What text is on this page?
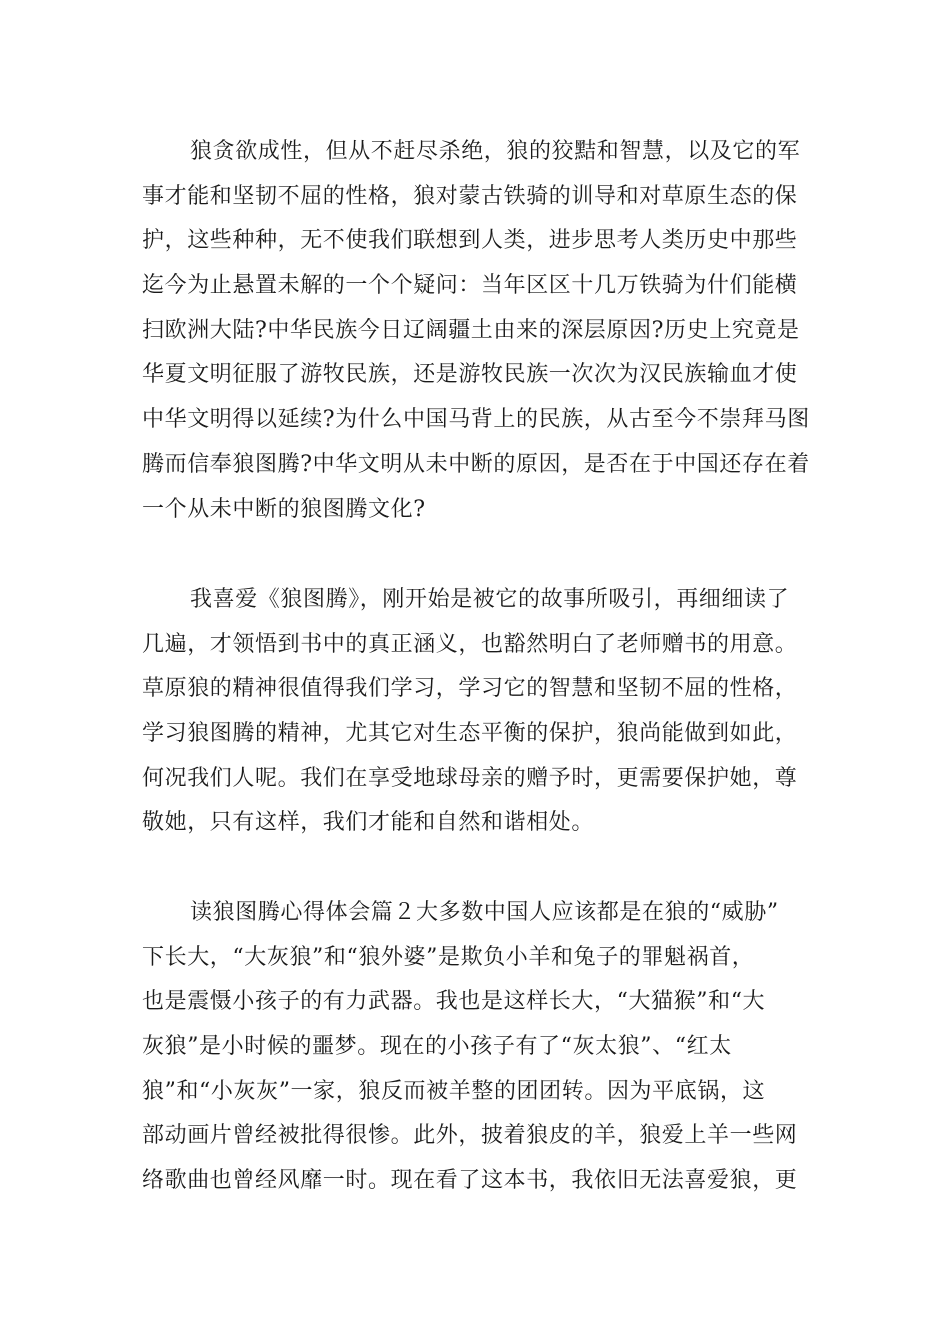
狼贪欲成性，但从不赶尽杀绝，狼的狡黠和智慧，以及它的军
事才能和坚韧不屈的性格，狼对蒙古铁骑的训导和对草原生态的保
护，这些种种，无不使我们联想到人类，进步思考人类历史中那些
迄今为止悬置未解的一个个疑问：当年区区十几万铁骑为什们能横
扫欧洲大陆?中华民族今日辽阔疆土由来的深层原因?历史上究竟是
华夏文明征服了游牧民族，还是游牧民族一次次为汉民族输血才使
中华文明得以延续?为什么中国马背上的民族，从古至今不崇拜马图
腾而信奉狼图腾?中华文明从未中断的原因，是否在于中国还存在着
一个从未中断的狼图腾文化?
我喜爱《狼图腾》，刚开始是被它的故事所吸引，再细细读了
几遍，才领悟到书中的真正涵义，也豁然明白了老师赠书的用意。
草原狼的精神很值得我们学习，学习它的智慧和坚韧不屈的性格，
学习狼图腾的精神，尤其它对生态平衡的保护，狼尚能做到如此，
何况我们人呢。我们在享受地球母亲的赠予时，更需要保护她，尊
敬她，只有这样，我们才能和自然和谐相处。
读狼图腾心得体会篇２大多数中国人应该都是在狼的“威胁”
下长大，“大灰狼”和“狼外婆”是欺负小羊和兔子的罪魁祸首，
也是震慑小孩子的有力武器。我也是这样长大，“大猫猴”和“大
灰狼”是小时候的噩梦。现在的小孩子有了“灰太狼”、“红太
狼”和“小灰灰”一家，狼反而被羊整的团团转。因为平底锅，这
部动画片曾经被批得很惨。此外，披着狼皮的羊，狼爱上羊一些网
络歌曲也曾经风靡一时。现在看了这本书，我依旧无法喜爱狼，更
